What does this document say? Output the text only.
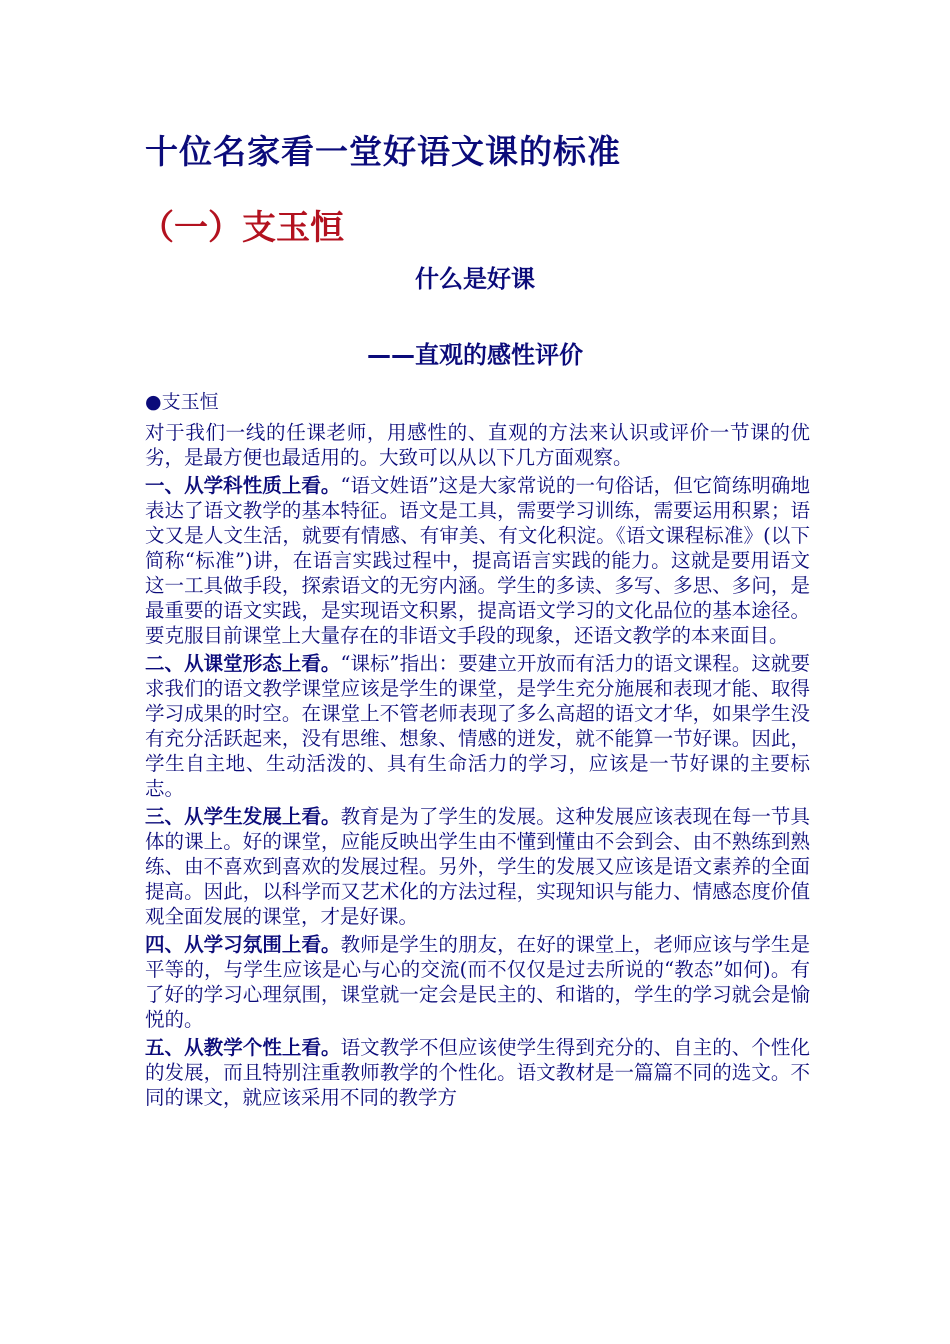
十位名家看一堂好语文课的标准
（一）支玉恒
什么是好课
——直观的感性评价

●支玉恒

对于我们一线的任课老师，用感性的、直观的方法来认识或评价一节课的优劣，是最方便也最适用的。大致可以从以下几方面观察。

一、从学科性质上看。“语文姓语”这是大家常说的一句俗话，但它简练明确地表达了语文教学的基本特征。语文是工具，需要学习训练，需要运用积累；语文又是人文生活，就要有情感、有审美、有文化积淀。《语文课程标准》(以下简称“标准”)讲，在语言实践过程中，提高语言实践的能力。这就是要用语文这一工具做手段，探索语文的无穷内涵。学生的多读、多写、多思、多问，是最重要的语文实践，是实现语文积累，提高语文学习的文化品位的基本途径。要克服目前课堂上大量存在的非语文手段的现象，还语文教学的本来面目。

二、从课堂形态上看。“课标”指出：要建立开放而有活力的语文课程。这就要求我们的语文教学课堂应该是学生的课堂，是学生充分施展和表现才能、取得学习成果的时空。在课堂上不管老师表现了多么高超的语文才华，如果学生没有充分活跃起来，没有思维、想象、情感的迸发，就不能算一节好课。因此，学生自主地、生动活泼的、具有生命活力的学习，应该是一节好课的主要标志。

三、从学生发展上看。教育是为了学生的发展。这种发展应该表现在每一节具体的课上。好的课堂，应能反映出学生由不懂到懂由不会到会、由不熟练到熟练、由不喜欢到喜欢的发展过程。另外，学生的发展又应该是语文素养的全面提高。因此，以科学而又艺术化的方法过程，实现知识与能力、情感态度价值观全面发展的课堂，才是好课。

四、从学习氛围上看。教师是学生的朋友，在好的课堂上，老师应该与学生是平等的，与学生应该是心与心的交流(而不仅仅是过去所说的“教态”如何)。有了好的学习心理氛围，课堂就一定会是民主的、和谐的，学生的学习就会是愉悦的。

五、从教学个性上看。语文教学不但应该使学生得到充分的、自主的、个性化的发展，而且特别注重教师教学的个性化。语文教材是一篇篇不同的选文。不同的课文，就应该采用不同的教学方
